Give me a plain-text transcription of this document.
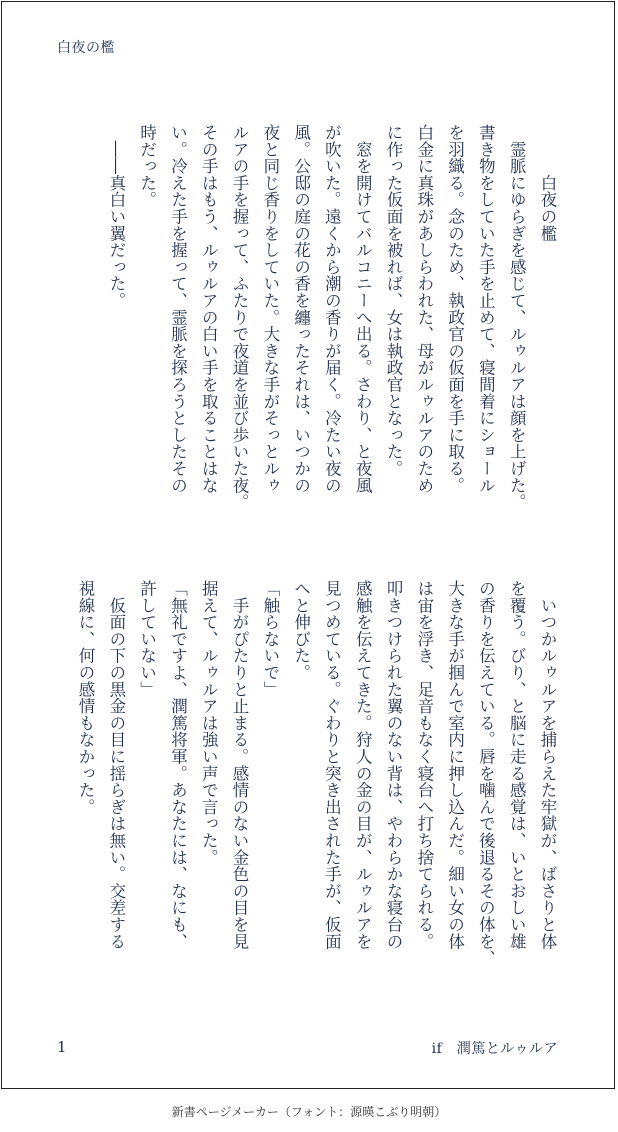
白夜の檻
　　　白夜の檻
　霊脈にゆらぎを感じて、ルゥルアは顔を上げた。
書き物をしていた手を止めて、寝間着にショール
を羽織る。念のため、執政官の仮面を手に取る。
白金に真珠があしらわれた、母がルゥルアのため
に作った仮面を被れば、女は執政官となった。
　窓を開けてバルコニーへ出る。さわり、と夜風
が吹いた。遠くから潮の香りが届く。冷たい夜の
風。公邸の庭の花の香を纏ったそれは、いつかの
夜と同じ香りをしていた。大きな手がそっとルゥ
ルアの手を握って、ふたりで夜道を並び歩いた夜。
その手はもう、ルゥルアの白い手を取ることはな
い。冷えた手を握って、霊脈を探ろうとしたその
時だった。
　――真白い翼だった。
　いつかルゥルアを捕らえた牢獄が、ばさりと体
を覆う。びり、と脳に走る感覚は、いとおしい雄
の香りを伝えている。唇を噛んで後退るその体を、
大きな手が掴んで室内に押し込んだ。細い女の体
は宙を浮き、足音もなく寝台へ打ち捨てられる。
叩きつけられた翼のない背は、やわらかな寝台の
感触を伝えてきた。狩人の金の目が、ルゥルアを
見つめている。ぐわりと突き出された手が、仮面
へと伸びた。
「触らないで」
　手がぴたりと止まる。感情のない金色の目を見
据えて、ルゥルアは強い声で言った。
「無礼ですよ、潤篤将軍。あなたには、なにも、
許していない」
　仮面の下の黒金の目に揺らぎは無い。交差する
視線に、何の感情もなかった。
1	if　潤篤とルゥルア
新書ページメーカー（フォント：源暎こぶり明朝）
